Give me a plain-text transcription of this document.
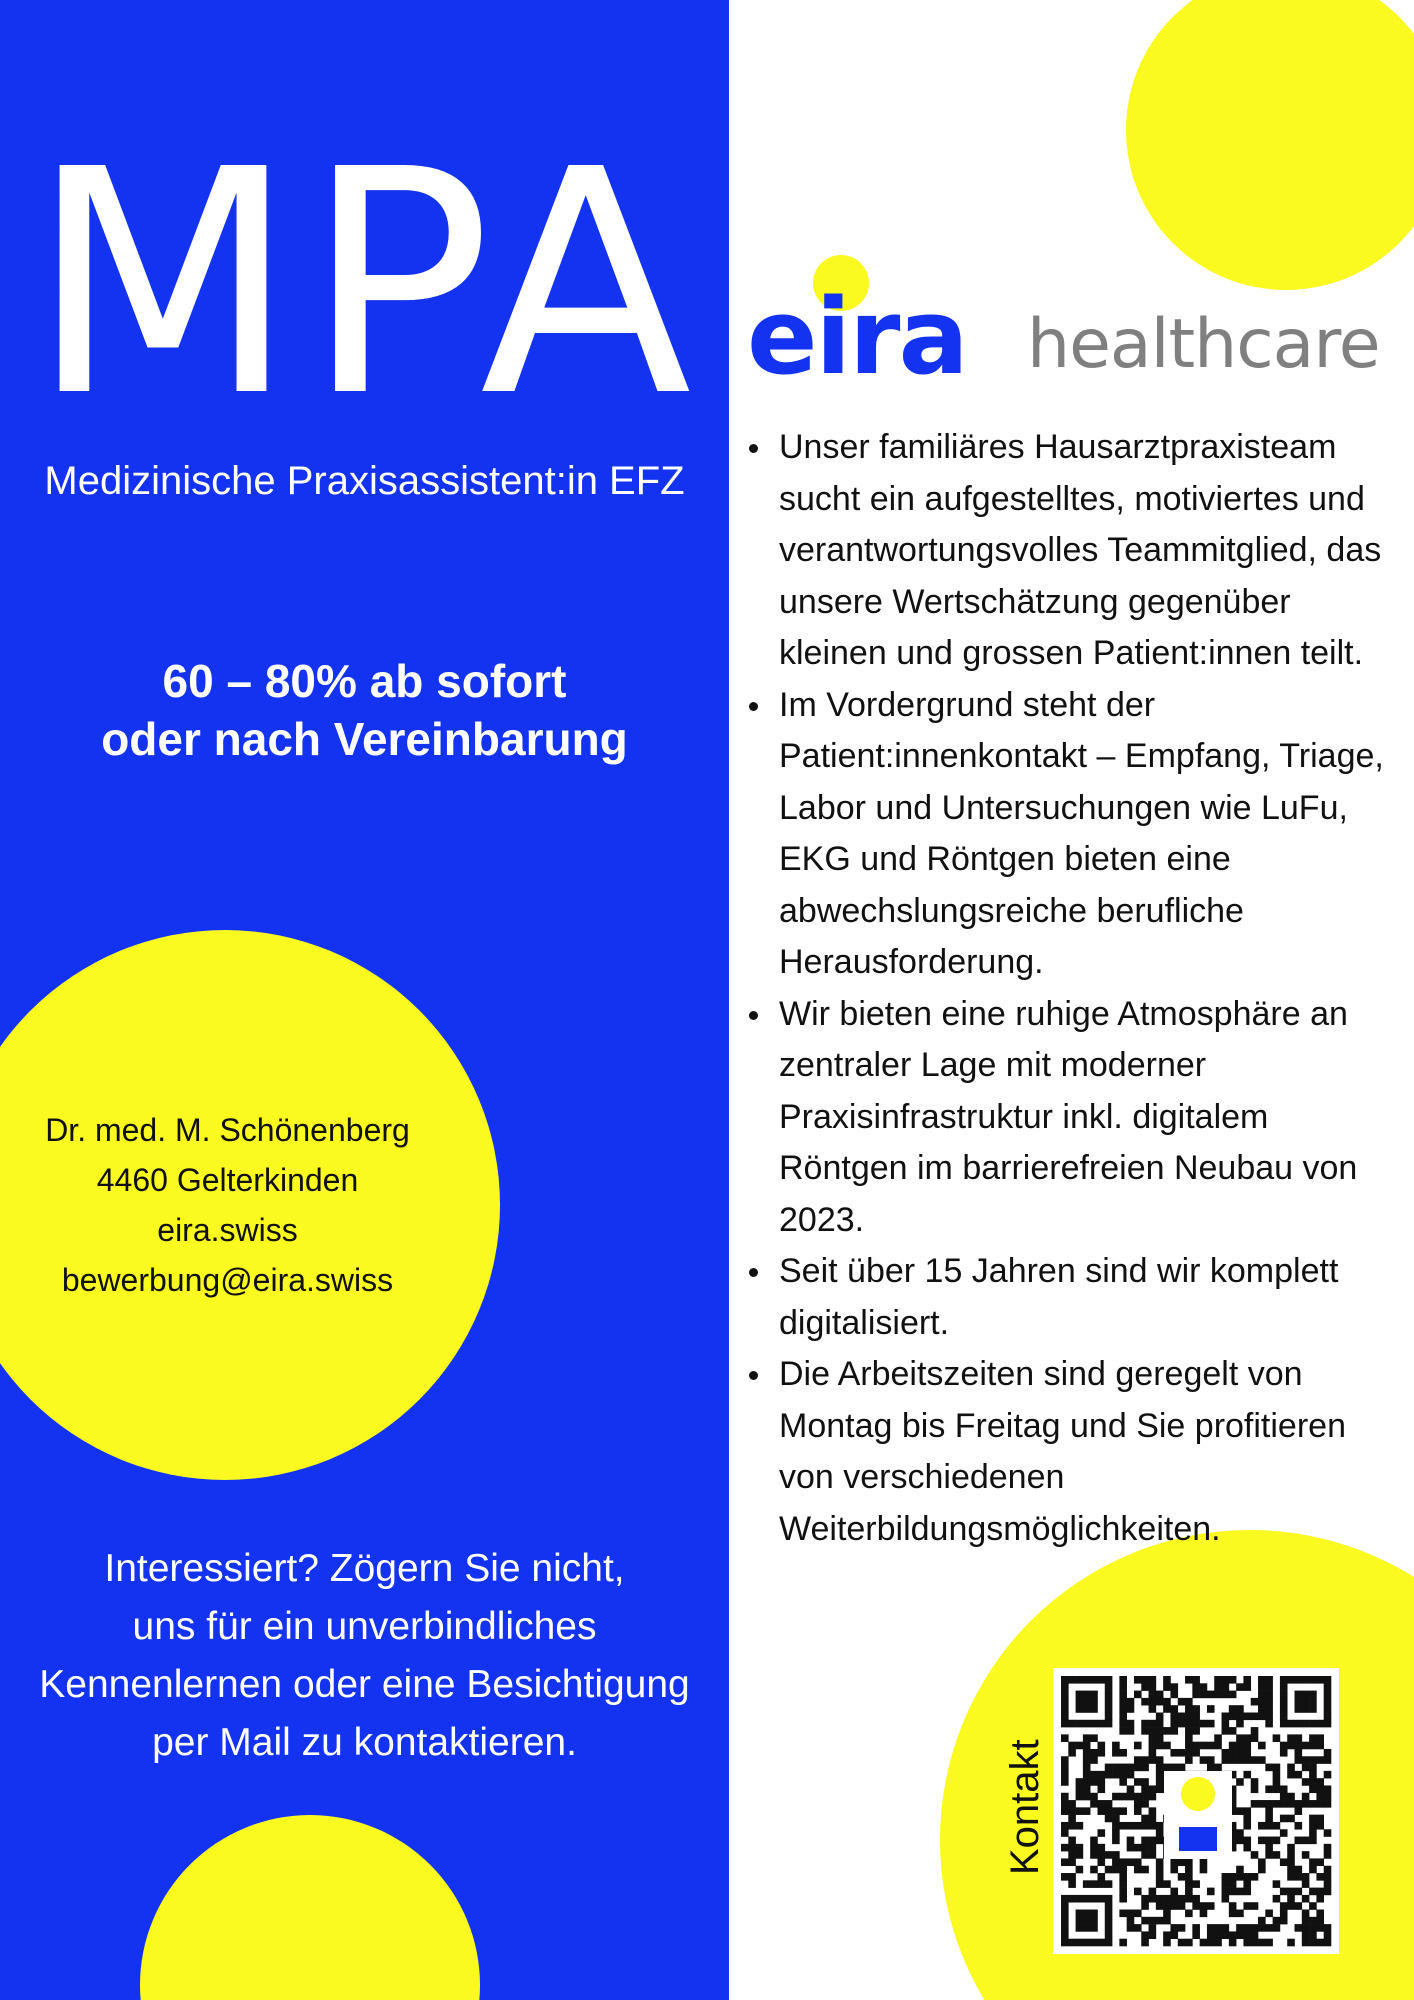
MPA

Medizinische Praxisassistent:in EFZ

60 – 80% ab sofort
oder nach Vereinbarung
Dr. med. M. Schönenberg
4460 Gelterkinden
eira.swiss
bewerbung@eira.swiss
Interessiert? Zögern Sie nicht,
uns für ein unverbindliches
Kennenlernen oder eine Besichtigung
per Mail zu kontaktieren.
eira healthcare
Unser familiäres Hausarztpraxisteam sucht ein aufgestelltes, motiviertes und verantwortungsvolles Teammitglied, das unsere Wertschätzung gegenüber kleinen und grossen Patient:innen teilt.
Im Vordergrund steht der Patient:innenkontakt – Empfang, Triage, Labor und Untersuchungen wie LuFu, EKG und Röntgen bieten eine abwechslungsreiche berufliche Herausforderung.
Wir bieten eine ruhige Atmosphäre an zentraler Lage mit moderner Praxisinfrastruktur inkl. digitalem Röntgen im barrierefreien Neubau von 2023.
Seit über 15 Jahren sind wir komplett digitalisiert.
Die Arbeitszeiten sind geregelt von Montag bis Freitag und Sie profitieren von verschiedenen Weiterbildungsmöglichkeiten.
Kontakt
